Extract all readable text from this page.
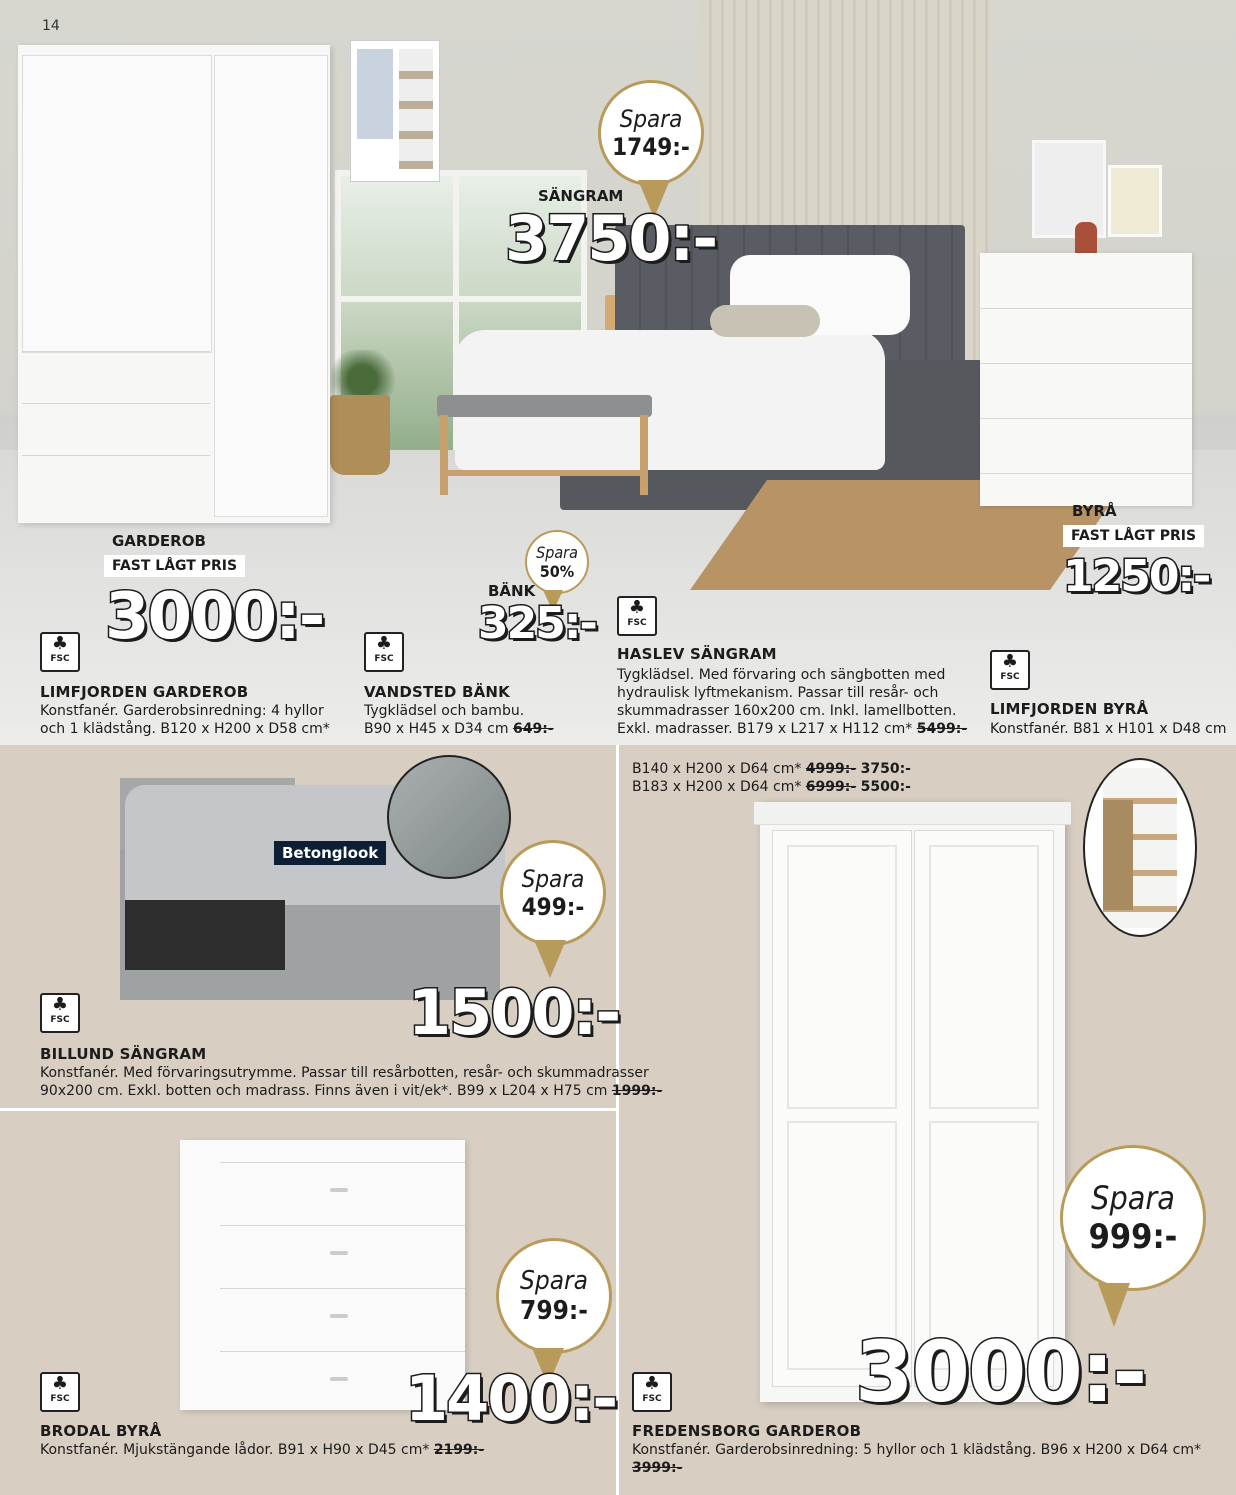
14
Spara
1749:-
SÄNGRAM
3750:-
GARDEROB
FAST LÅGT PRIS
3000:-
♣
FSC
LIMFJORDEN GARDEROB
Konstfanér. Garderobsinredning: 4 hyllor
och 1 klädstång. B120 x H200 x D58 cm*
Spara
50%
BÄNK
325:-
♣
FSC
VANDSTED BÄNK
Tygklädsel och bambu.
B90 x H45 x D34 cm 649:-
♣
FSC
HASLEV SÄNGRAM
Tygklädsel. Med förvaring och sängbotten med
hydraulisk lyftmekanism. Passar till resår- och
skummadrasser 160x200 cm. Inkl. lamellbotten.
Exkl. madrasser. B179 x L217 x H112 cm* 5499:-
BYRÅ
FAST LÅGT PRIS
1250:-
♣
FSC
LIMFJORDEN BYRÅ
Konstfanér. B81 x H101 x D48 cm
Betonglook
Spara
499:-
1500:-
♣
FSC
BILLUND SÄNGRAM
Konstfanér. Med förvaringsutrymme. Passar till resårbotten, resår- och skummadrasser
90x200 cm. Exkl. botten och madrass. Finns även i vit/ek*. B99 x L204 x H75 cm 1999:-
Spara
799:-
1400:-
♣
FSC
BRODAL BYRÅ
Konstfanér. Mjukstängande lådor. B91 x H90 x D45 cm* 2199:-
B140 x H200 x D64 cm* 4999:- 3750:-
B183 x H200 x D64 cm* 6999:- 5500:-
Spara
999:-
3000:-
♣
FSC
FREDENSBORG GARDEROB
Konstfanér. Garderobsinredning: 5 hyllor och 1 klädstång. B96 x H200 x D64 cm* 3999:-
